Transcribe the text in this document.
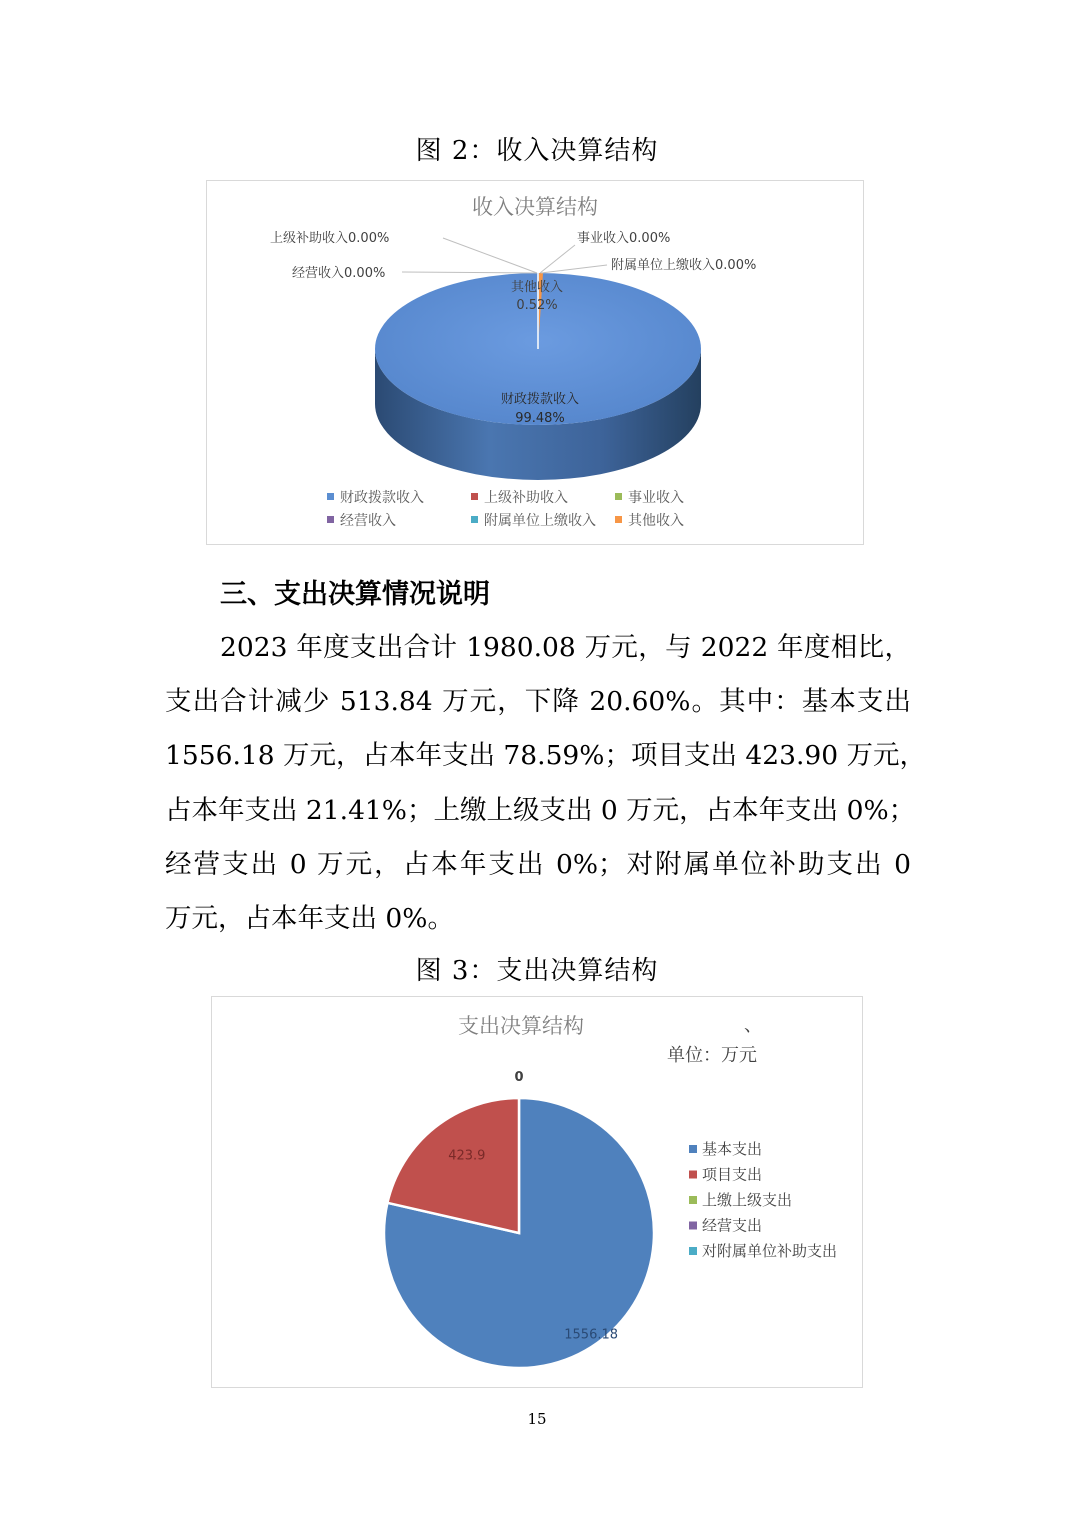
图 2：收入决算结构
收入决算结构
上级补助收入0.00%
经营收入0.00%
事业收入0.00%
附属单位上缴收入0.00%
其他收入
0.52%
财政拨款收入
99.48%
财政拨款收入	上级补助收入	事业收入
经营收入	附属单位上缴收入 其他收入
三、支出决算情况说明
2023 年度支出合计 1980.08 万元，与 2022 年度相比，
支出合计减少 513.84 万元，下降 20.60%。其中：基本支出
1556.18 万元，占本年支出 78.59%；项目支出 423.90 万元，
占本年支出 21.41%；上缴上级支出 0 万元，占本年支出 0%；
经营支出 0 万元，占本年支出 0%；对附属单位补助支出 0
万元，占本年支出 0%。
图 3：支出决算结构
支出决算结构	、
单位：万元
1556.18
423.9
0
基本支出
项目支出
上缴上级支出
经营支出
对附属单位补助支出
15
